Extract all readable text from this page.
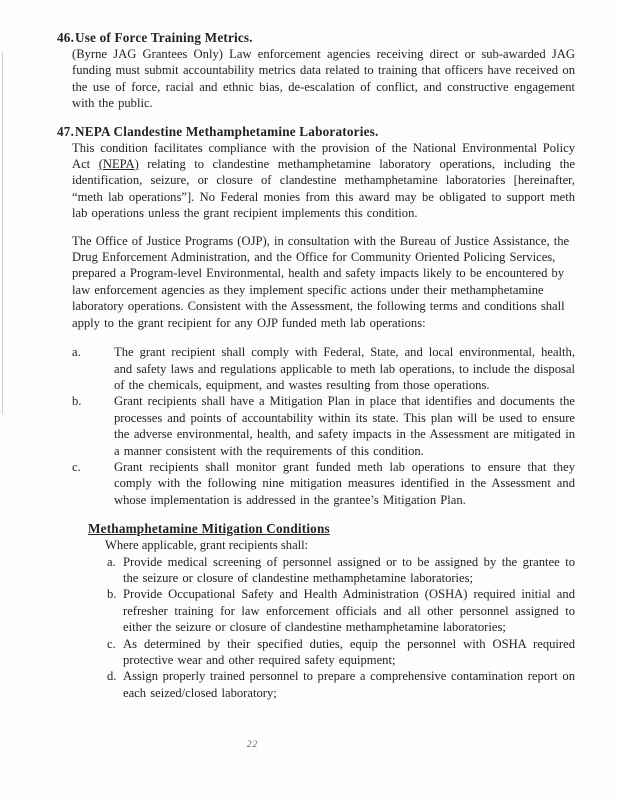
46.Use of Force Training Metrics.

(Byrne JAG Grantees Only) Law enforcement agencies receiving direct or sub-awarded JAG funding must submit accountability metrics data related to training that officers have received on the use of force, racial and ethnic bias, de-escalation of conflict, and constructive engagement with the public.

47.NEPA Clandestine Methamphetamine Laboratories.

This condition facilitates compliance with the provision of the National Environmental Policy Act (NEPA) relating to clandestine methamphetamine laboratory operations, including the identification, seizure, or closure of clandestine methamphetamine laboratories [hereinafter, “meth lab operations”]. No Federal monies from this award may be obligated to support meth lab operations unless the grant recipient implements this condition.

The Office of Justice Programs (OJP), in consultation with the Bureau of Justice Assistance, the Drug Enforcement Administration, and the Office for Community Oriented Policing Services, prepared a Program-level Environmental, health and safety impacts likely to be encountered by law enforcement agencies as they implement specific actions under their methamphetamine laboratory operations. Consistent with the Assessment, the following terms and conditions shall apply to the grant recipient for any OJP funded meth lab operations:

a.	The grant recipient shall comply with Federal, State, and local environmental, health, and safety laws and regulations applicable to meth lab operations, to include the disposal of the chemicals, equipment, and wastes resulting from those operations.
b.	Grant recipients shall have a Mitigation Plan in place that identifies and documents the processes and points of accountability within its state. This plan will be used to ensure the adverse environmental, health, and safety impacts in the Assessment are mitigated in a manner consistent with the requirements of this condition.
c.	Grant recipients shall monitor grant funded meth lab operations to ensure that they comply with the following nine mitigation measures identified in the Assessment and whose implementation is addressed in the grantee’s Mitigation Plan.
Methamphetamine Mitigation Conditions
Where applicable, grant recipients shall:
a. Provide medical screening of personnel assigned or to be assigned by the grantee to the seizure or closure of clandestine methamphetamine laboratories;
b. Provide Occupational Safety and Health Administration (OSHA) required initial and refresher training for law enforcement officials and all other personnel assigned to either the seizure or closure of clandestine methamphetamine laboratories;
c. As determined by their specified duties, equip the personnel with OSHA required protective wear and other required safety equipment;
d. Assign properly trained personnel to prepare a comprehensive contamination report on each seized/closed laboratory;
22
